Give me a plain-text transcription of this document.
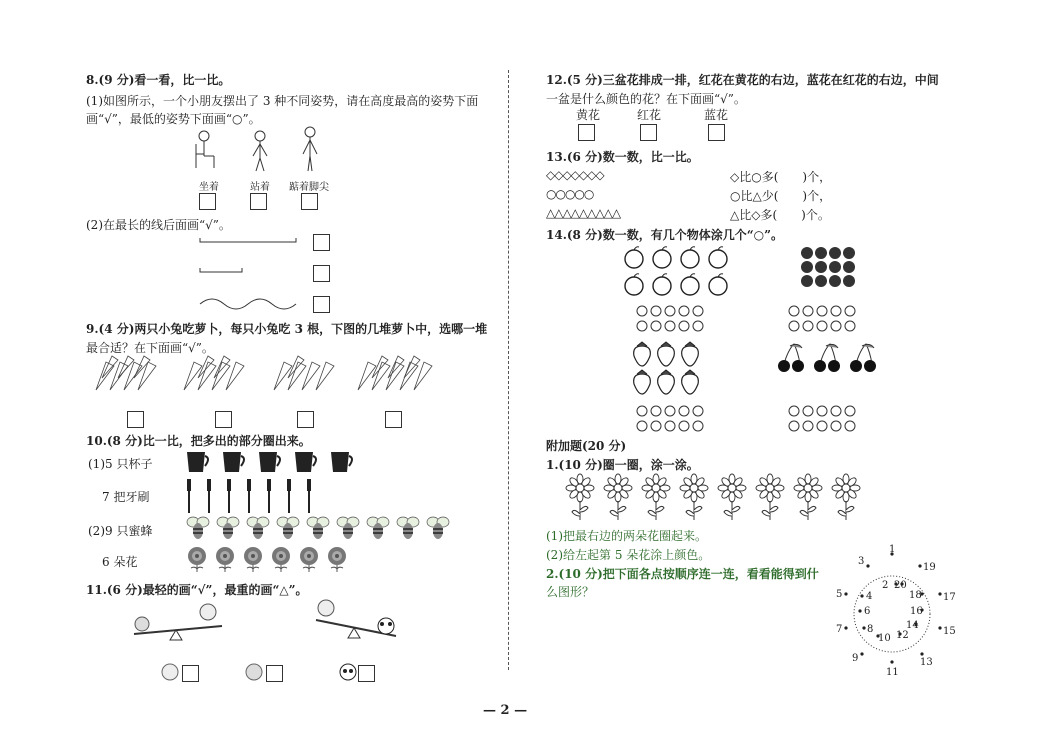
8.(9 分)看一看，比一比。
(1)如图所示，一个小朋友摆出了 3 种不同姿势，请在高度最高的姿势下面
画“√”，最低的姿势下面画“○”。
坐着	站着 踮着脚尖
(2)在最长的线后面画“√”。
9.(4 分)两只小兔吃萝卜，每只小兔吃 3 根，下图的几堆萝卜中，选哪一堆
最合适？在下面画“√”。
10.(8 分)比一比，把多出的部分圈出来。
(1)5 只杯子
7 把牙刷
(2)9 只蜜蜂
6 朵花
11.(6 分)最轻的画“√”，最重的画“△”。
12.(5 分)三盆花排成一排，红花在黄花的右边，蓝花在红花的右边，中间
一盆是什么颜色的花？在下面画“√”。
黄花	红花	蓝花
13.(6 分)数一数，比一比。
◇◇◇◇◇◇◇
○○○○○
△△△△△△△△△
◇比○多(　　)个，
○比△少(　　)个，
△比◇多(　　)个。
14.(8 分)数一数，有几个物体涂几个“○”。
附加题(20 分)
1.(10 分)圈一圈，涂一涂。
(1)把最右边的两朵花圈起来。
(2)给左起第 5 朵花涂上颜色。
2.(10 分)把下面各点按顺序连一连，看看能得到什
么图形？
1
2
3
4
5
6
7 8
9
10
11
12
13
14
15
16
17
18
19
20
— 2 —
